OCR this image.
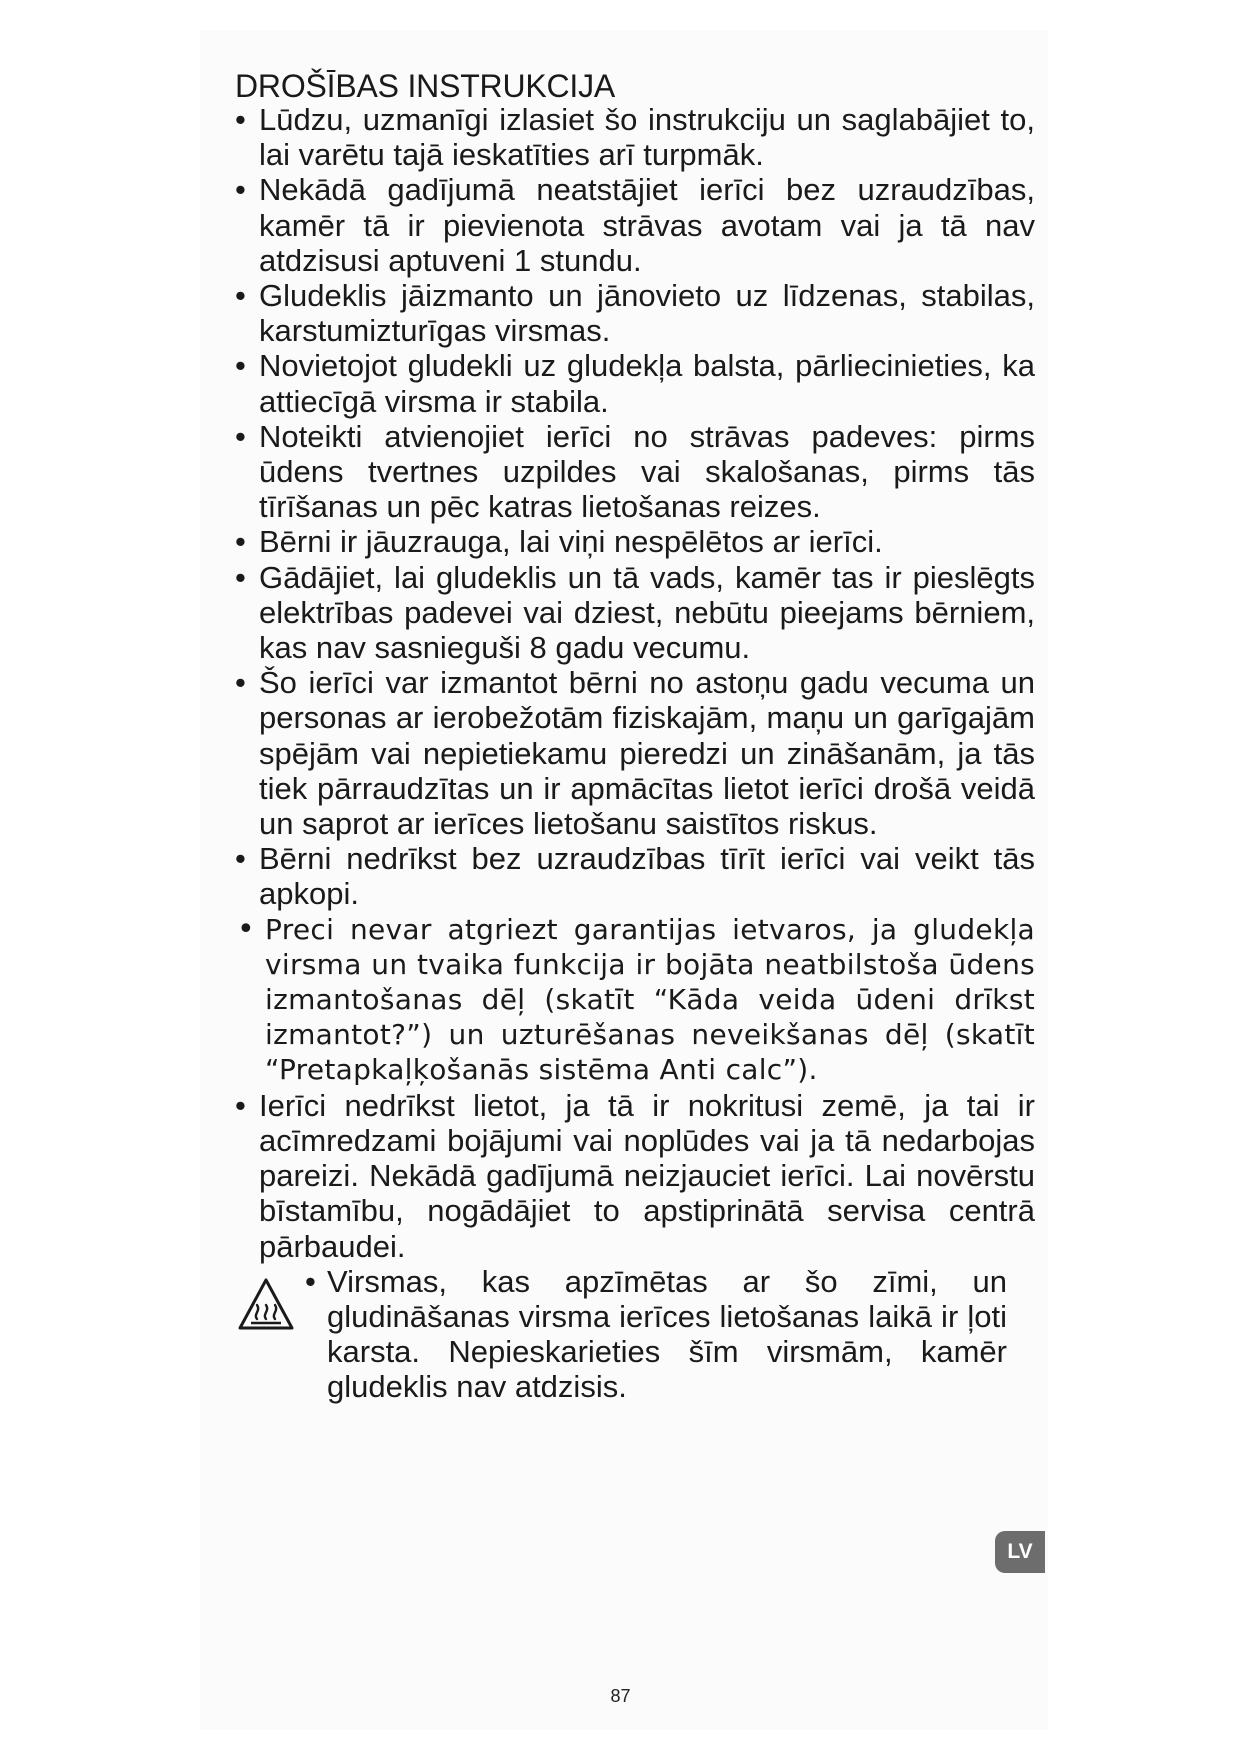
DROŠĪBAS INSTRUKCIJA
• Lūdzu, uzmanīgi izlasiet šo instrukciju un saglabājiet to, lai varētu tajā ieskatīties arī turpmāk.
• Nekādā gadījumā neatstājiet ierīci bez uzraudzības, kamēr tā ir pievienota strāvas avotam vai ja tā nav atdzisusi aptuveni 1 stundu.
• Gludeklis jāizmanto un jānovieto uz līdzenas, stabilas, karstumizturīgas virsmas.
• Novietojot gludekli uz gludekļa balsta, pārliecinieties, ka attiecīgā virsma ir stabila.
• Noteikti atvienojiet ierīci no strāvas padeves: pirms ūdens tvertnes uzpildes vai skalošanas, pirms tās tīrīšanas un pēc katras lietošanas reizes.
• Bērni ir jāuzrauga, lai viņi nespēlētos ar ierīci.
• Gādājiet, lai gludeklis un tā vads, kamēr tas ir pieslēgts elektrības padevei vai dziest, nebūtu pieejams bērniem, kas nav sasnieguši 8 gadu vecumu.
• Šo ierīci var izmantot bērni no astoņu gadu vecuma un personas ar ierobežotām fiziskajām, maņu un garīgajām spējām vai nepietiekamu pieredzi un zināšanām, ja tās tiek pārraudzītas un ir apmācītas lietot ierīci drošā veidā un saprot ar ierīces lietošanu saistītos riskus.
• Bērni nedrīkst bez uzraudzības tīrīt ierīci vai veikt tās apkopi.
• Preci nevar atgriezt garantijas ietvaros, ja gludekļa virsma un tvaika funkcija ir bojāta neatbilstoša ūdens izmantošanas dēļ (skatīt “Kāda veida ūdeni drīkst izmantot?”) un uzturēšanas neveikšanas dēļ (skatīt “Pretapkaļķošanās sistēma Anti calc”).
• Ierīci nedrīkst lietot, ja tā ir nokritusi zemē, ja tai ir acīmredzami bojājumi vai noplūdes vai ja tā nedarbojas pareizi. Nekādā gadījumā neizjauciet ierīci. Lai novērstu bīstamību, nogādājiet to apstiprinātā servisa centrā pārbaudei.
• Virsmas, kas apzīmētas ar šo zīmi, un gludināšanas virsma ierīces lietošanas laikā ir ļoti karsta. Nepieskarieties šīm virsmām, kamēr gludeklis nav atdzisis.
LV
87
